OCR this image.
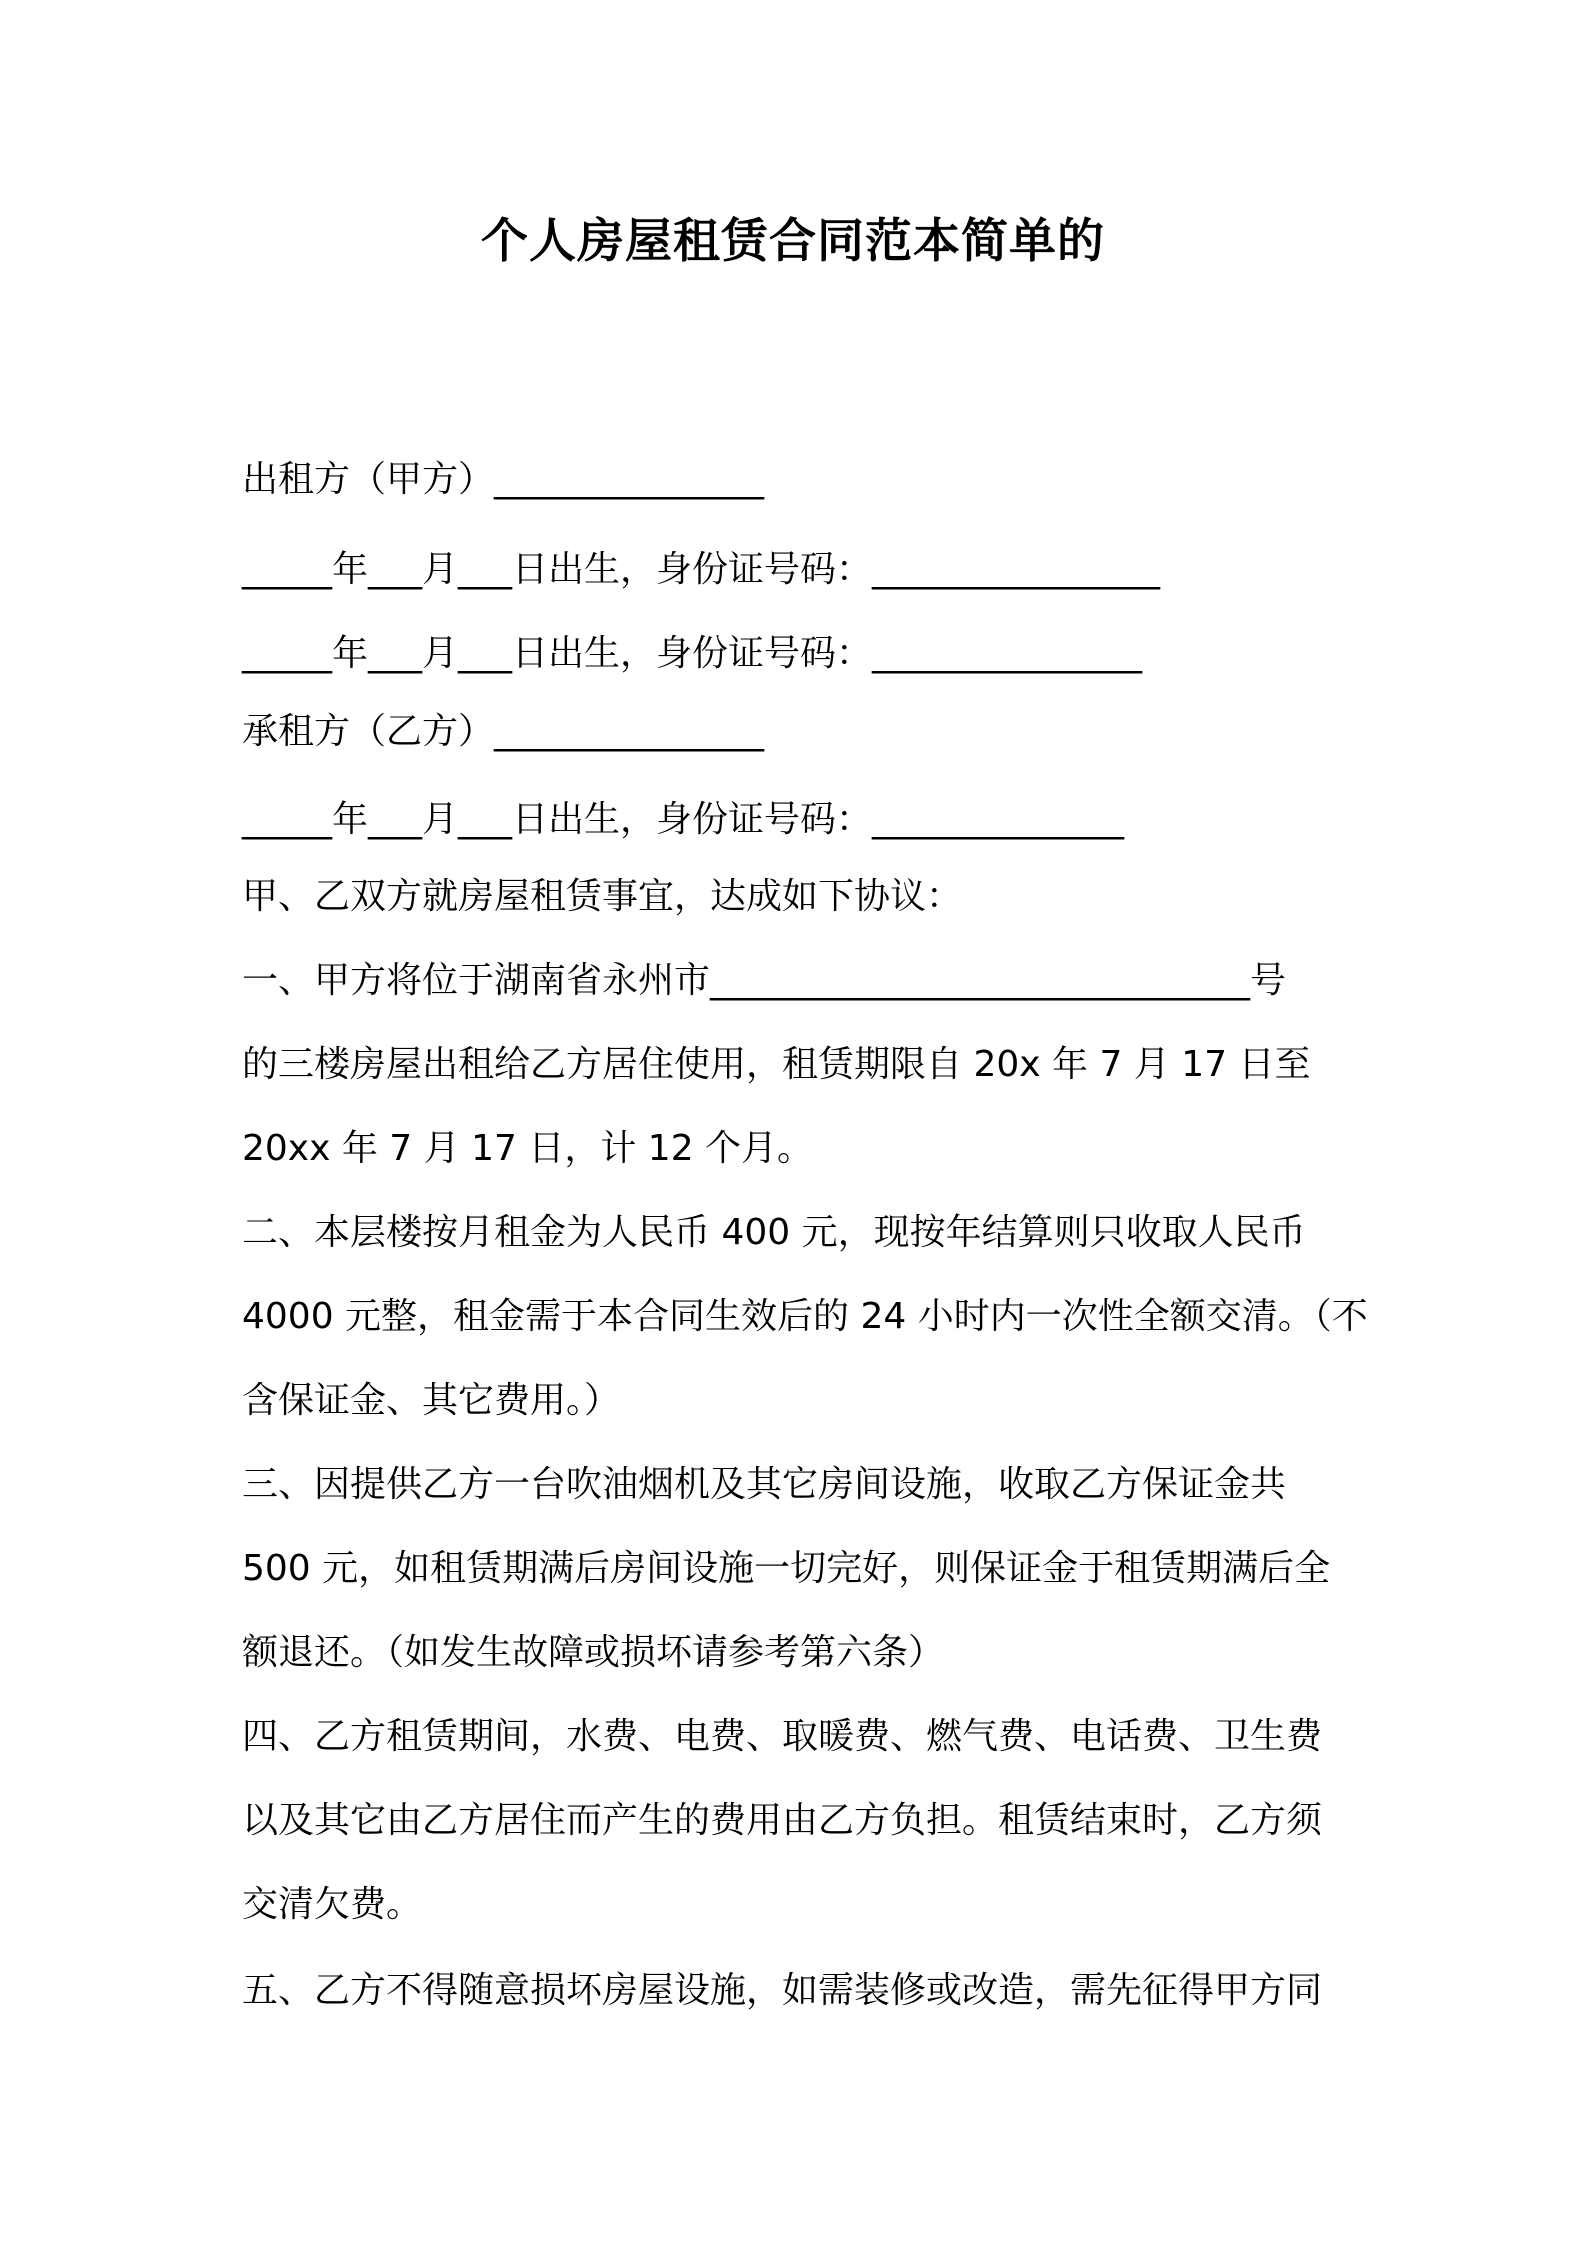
个人房屋租赁合同范本简单的
出租方（甲方）_______________
_____年___月___日出生，身份证号码：________________
_____年___月___日出生，身份证号码：_______________
承租方（乙方）_______________
_____年___月___日出生，身份证号码：______________
甲、乙双方就房屋租赁事宜，达成如下协议：
一、甲方将位于湖南省永州市______________________________号
的三楼房屋出租给乙方居住使用，租赁期限自 20x 年 7 月 17 日至
20xx 年 7 月 17 日，计 12 个月。
二、本层楼按月租金为人民币 400 元，现按年结算则只收取人民币
4000 元整，租金需于本合同生效后的 24 小时内一次性全额交清。（不
含保证金、其它费用。）
三、因提供乙方一台吹油烟机及其它房间设施，收取乙方保证金共
500 元，如租赁期满后房间设施一切完好，则保证金于租赁期满后全
额退还。（如发生故障或损坏请参考第六条）
四、乙方租赁期间，水费、电费、取暖费、燃气费、电话费、卫生费
以及其它由乙方居住而产生的费用由乙方负担。租赁结束时，乙方须
交清欠费。
五、乙方不得随意损坏房屋设施，如需装修或改造，需先征得甲方同
